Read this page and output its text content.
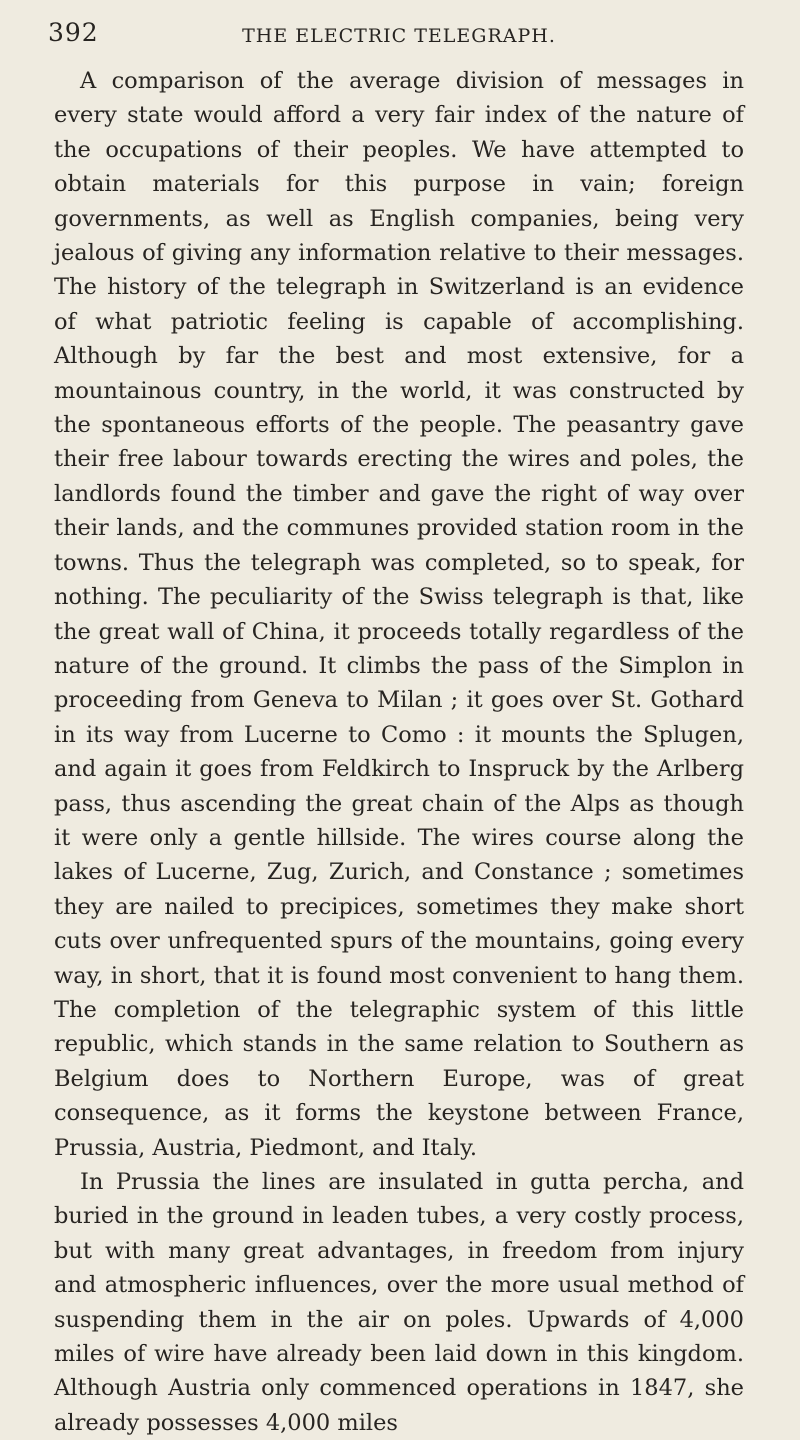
392	THE ELECTRIC TELEGRAPH.

A comparison of the average division of messages in every state would afford a very fair index of the nature of the occupations of their peoples. We have attempted to obtain materials for this purpose in vain; foreign governments, as well as English companies, being very jealous of giving any information relative to their messages. The history of the telegraph in Switzerland is an evidence of what patriotic feeling is capable of accomplishing. Although by far the best and most extensive, for a mountainous country, in the world, it was constructed by the spontaneous efforts of the people. The peasantry gave their free labour towards erecting the wires and poles, the landlords found the timber and gave the right of way over their lands, and the communes provided station room in the towns. Thus the telegraph was completed, so to speak, for nothing. The peculiarity of the Swiss telegraph is that, like the great wall of China, it proceeds totally regardless of the nature of the ground. It climbs the pass of the Simplon in proceeding from Geneva to Milan ; it goes over St. Gothard in its way from Lucerne to Como : it mounts the Splugen, and again it goes from Feldkirch to Inspruck by the Arlberg pass, thus ascending the great chain of the Alps as though it were only a gentle hillside. The wires course along the lakes of Lucerne, Zug, Zurich, and Constance ; sometimes they are nailed to precipices, sometimes they make short cuts over unfrequented spurs of the mountains, going every way, in short, that it is found most convenient to hang them. The completion of the telegraphic system of this little republic, which stands in the same relation to Southern as Belgium does to Northern Europe, was of great consequence, as it forms the keystone between France, Prussia, Austria, Piedmont, and Italy.

In Prussia the lines are insulated in gutta percha, and buried in the ground in leaden tubes, a very costly process, but with many great advantages, in freedom from injury and atmospheric influences, over the more usual method of suspending them in the air on poles. Upwards of 4,000 miles of wire have already been laid down in this kingdom. Although Austria only commenced operations in 1847, she already possesses 4,000 miles
